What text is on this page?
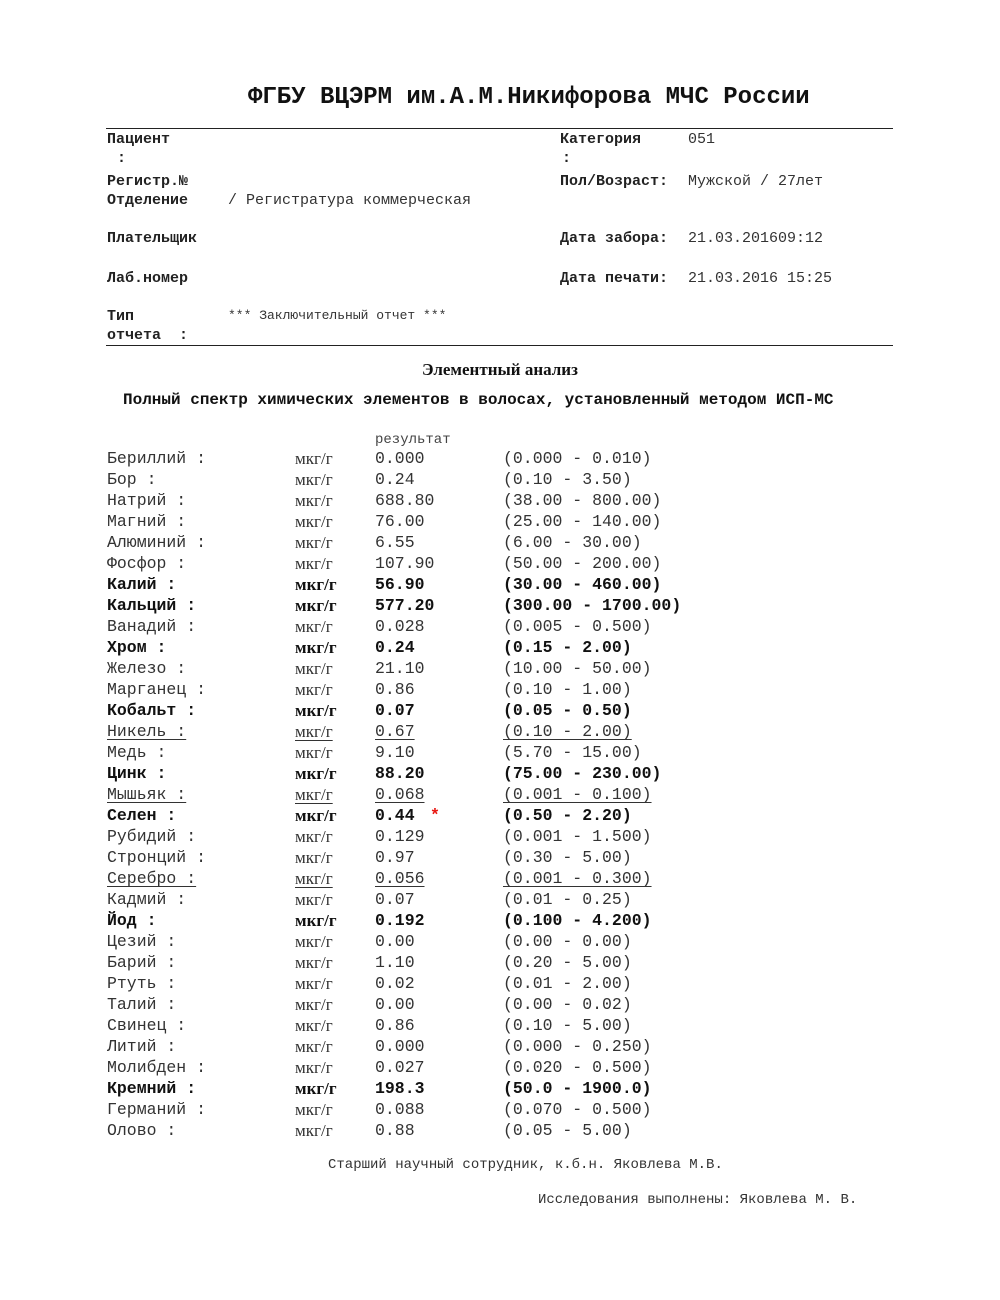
ФГБУ ВЦЭРМ им.А.М.Никифорова МЧС России
Пациент
:
Категория
:
051
Регистр.№
Отделение	/ Регистратура коммерческая
Пол/Возраст: Мужской / 27лет
Плательщик	Дата забора: 21.03.201609:12
Лаб.номер	Дата печати: 21.03.2016 15:25
Тип
отчета  :
*** Заключительный отчет ***
Элементный анализ
Полный спектр химических элементов в волосах, установленный методом ИСП-МС
результат
Бериллий :	мкг/г	0.000	(0.000 - 0.010)
Бор :	мкг/г	0.24	(0.10 - 3.50)
Натрий :	мкг/г	688.80	(38.00 - 800.00)
Магний :	мкг/г	76.00	(25.00 - 140.00)
Алюминий :	мкг/г	6.55	(6.00 - 30.00)
Фосфор :	мкг/г	107.90	(50.00 - 200.00)
Калий :	мкг/г 56.90	(30.00 - 460.00)
Кальций :	мкг/г 577.20	(300.00 - 1700.00)
Ванадий :	мкг/г	0.028	(0.005 - 0.500)
Хром :	мкг/г 0.24	(0.15 - 2.00)
Железо :	мкг/г	21.10	(10.00 - 50.00)
Марганец :	мкг/г	0.86	(0.10 - 1.00)
Кобальт :	мкг/г 0.07	(0.05 - 0.50)
Никель :	мкг/г	0.67	(0.10 - 2.00)
Медь :	мкг/г	9.10	(5.70 - 15.00)
Цинк :	мкг/г 88.20	(75.00 - 230.00)
Мышьяк :	мкг/г	0.068	(0.001 - 0.100)
Селен :	мкг/г 0.44 *	(0.50 - 2.20)
Рубидий :	мкг/г	0.129	(0.001 - 1.500)
Стронций :	мкг/г	0.97	(0.30 - 5.00)
Серебро :	мкг/г	0.056	(0.001 - 0.300)
Кадмий :	мкг/г	0.07	(0.01 - 0.25)
Йод :	мкг/г 0.192	(0.100 - 4.200)
Цезий :	мкг/г	0.00	(0.00 - 0.00)
Барий :	мкг/г	1.10	(0.20 - 5.00)
Ртуть :	мкг/г	0.02	(0.01 - 2.00)
Талий :	мкг/г	0.00	(0.00 - 0.02)
Свинец :	мкг/г	0.86	(0.10 - 5.00)
Литий :	мкг/г	0.000	(0.000 - 0.250)
Молибден :	мкг/г	0.027	(0.020 - 0.500)
Кремний :	мкг/г 198.3	(50.0 - 1900.0)
Германий :	мкг/г	0.088	(0.070 - 0.500)
Олово :	мкг/г	0.88	(0.05 - 5.00)
Старший научный сотрудник, к.б.н. Яковлева М.В.
Исследования выполнены: Яковлева М. В.
